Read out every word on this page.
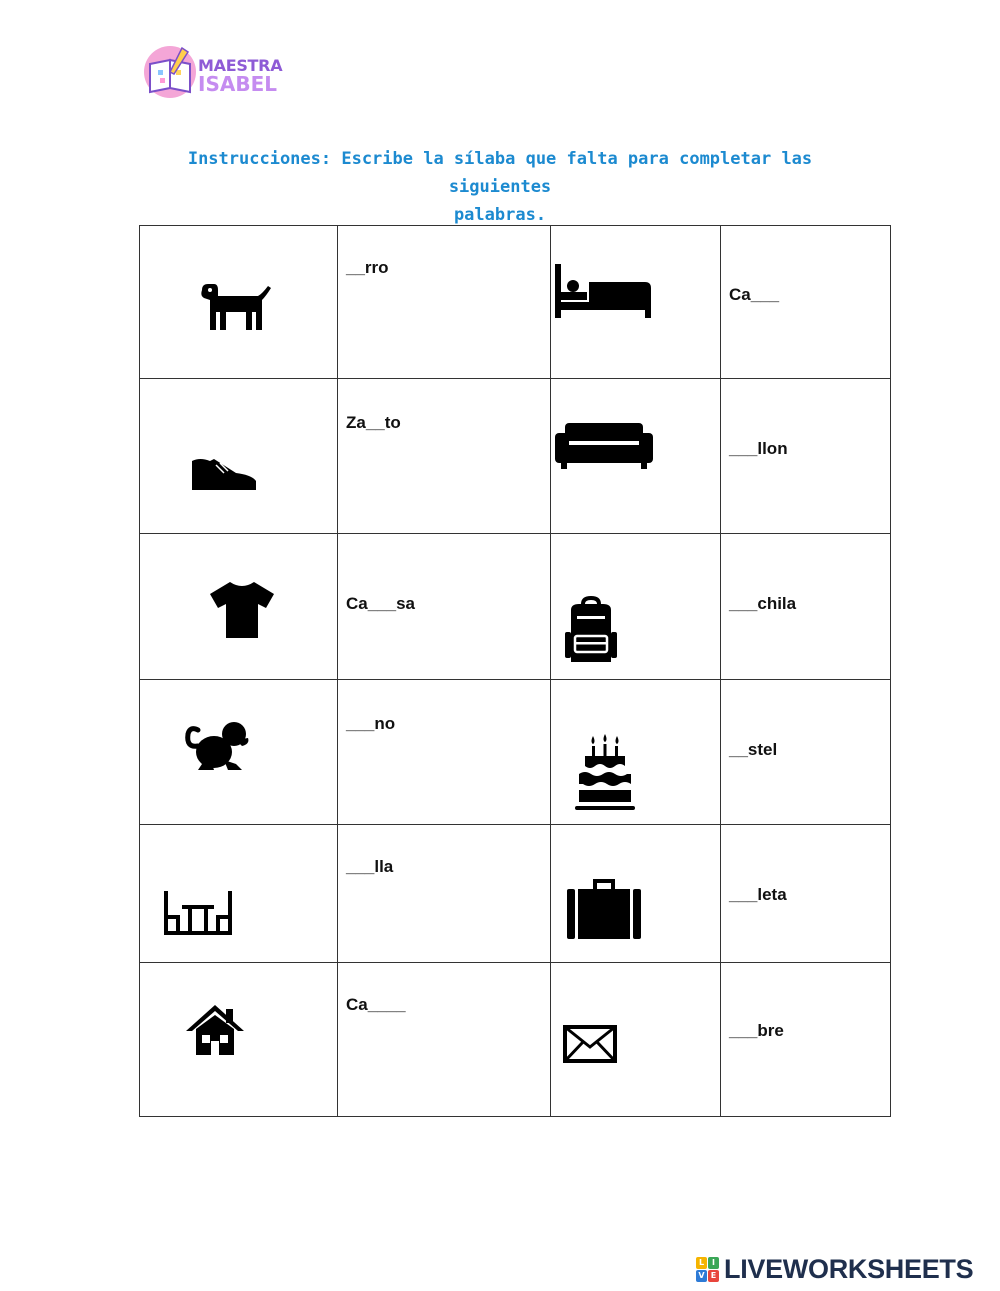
MAESTRA
ISABEL
Instrucciones: Escribe la sílaba que falta para completar las siguientes
palabras.
__rro
Ca___
Za__to
___llon
Ca___sa	___chila
___no
__stel
___lla
___leta
Ca____
___bre
L I
V E LIVEWORKSHEETS
